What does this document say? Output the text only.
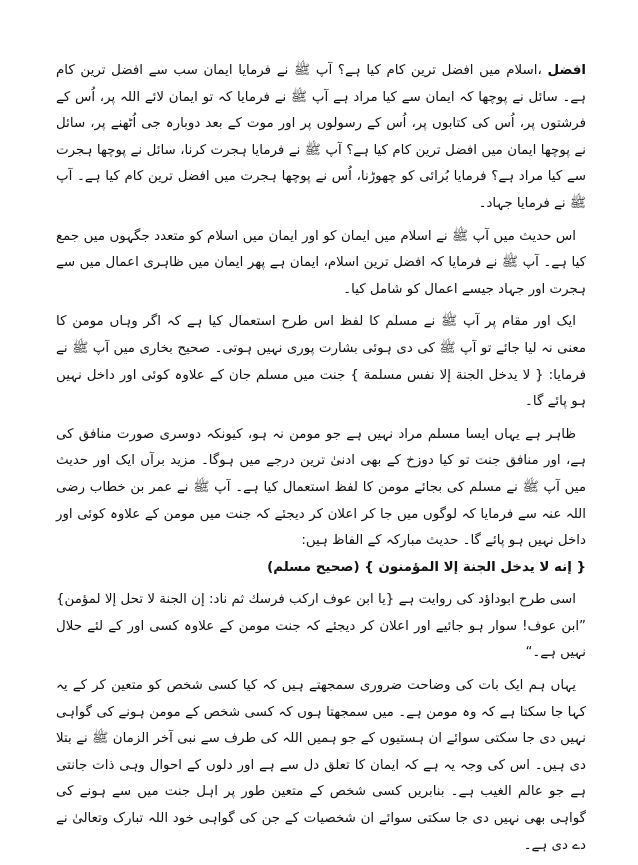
افضل ،اسلام میں افضل ترین کام کیا ہے؟ آپ ﷺ نے فرمایا ایمان سب سے افضل ترین کام ہے۔ سائل نے پوچھا کہ ایمان سے کیا مراد ہے آپ ﷺ نے فرمایا کہ تو ایمان لائے اللہ پر، اُس کے فرشتوں پر، اُس کی کتابوں پر، اُس کے رسولوں پر اور موت کے بعد دوبارہ جی اُٹھنے پر، سائل نے پوچھا ایمان میں افضل ترین کام کیا ہے؟ آپ ﷺ نے فرمایا ہجرت کرنا، سائل نے پوچھا ہجرت سے کیا مراد ہے؟ فرمایا بُرائی کو چھوڑنا، اُس نے پوچھا ہجرت میں افضل ترین کام کیا ہے۔ آپ ﷺ نے فرمایا جہاد۔

اس حدیث میں آپ ﷺ نے اسلام میں ایمان کو اور ایمان میں اسلام کو متعدد جگہوں میں جمع کیا ہے۔ آپ ﷺ نے فرمایا کہ افضل ترین اسلام، ایمان ہے پھر ایمان میں ظاہری اعمال میں سے ہجرت اور جہاد جیسے اعمال کو شامل کیا۔

ایک اور مقام پر آپ ﷺ نے مسلم کا لفظ اس طرح استعمال کیا ہے کہ اگر وہاں مومن کا معنی نہ لیا جائے تو آپ ﷺ کی دی ہوئی بشارت پوری نہیں ہوتی۔ صحیح بخاری میں آپ ﷺ نے فرمایا: { لا يدخل الجنة إلا نفس مسلمة } جنت میں مسلم جان کے علاوہ کوئی اور داخل نہیں ہو پائے گا۔

ظاہر ہے یہاں ایسا مسلم مراد نہیں ہے جو مومن نہ ہو، کیونکہ دوسری صورت منافق کی ہے، اور منافق جنت تو کیا دوزخ کے بھی ادنیٰ ترین درجے میں ہوگا۔ مزید برآں ایک اور حدیث میں آپ ﷺ نے مسلم کی بجائے مومن کا لفظ استعمال کیا ہے۔ آپ ﷺ نے عمر بن خطاب رضی اللہ عنہ سے فرمایا کہ لوگوں میں جا کر اعلان کر دیجئے کہ جنت میں مومن کے علاوہ کوئی اور داخل نہیں ہو پائے گا۔ حدیث مبارکہ کے الفاظ ہیں:

{ إنه لا يدخل الجنة إلا المؤمنون } (صحيح مسلم)

اسی طرح ابوداؤد کی روایت ہے {يا ابن عوف اركب فرسك ثم ناد: إن الجنة لا تحل إلا لمؤمن} ”ابن عوف! سوار ہو جائیے اور اعلان کر دیجئے کہ جنت مومن کے علاوہ کسی اور کے لئے حلال نہیں ہے۔“

یہاں ہم ایک بات کی وضاحت ضروری سمجھتے ہیں کہ کیا کسی شخص کو متعین کر کے یہ کہا جا سکتا ہے کہ وہ مومن ہے۔ میں سمجھتا ہوں کہ کسی شخص کے مومن ہونے کی گواہی نہیں دی جا سکتی سوائے ان ہستیوں کے جو ہمیں اللہ کی طرف سے نبی آخر الزمان ﷺ نے بتلا دی ہیں۔ اس کی وجہ یہ ہے کہ ایمان کا تعلق دل سے ہے اور دلوں کے احوال وہی ذات جانتی ہے جو عالم الغیب ہے۔ بنابریں کسی شخص کے متعین طور پر اہل جنت میں سے ہونے کی گواہی بھی نہیں دی جا سکتی سوائے ان شخصیات کے جن کی گواہی خود اللہ تبارک وتعالیٰ نے دے دی ہے۔
